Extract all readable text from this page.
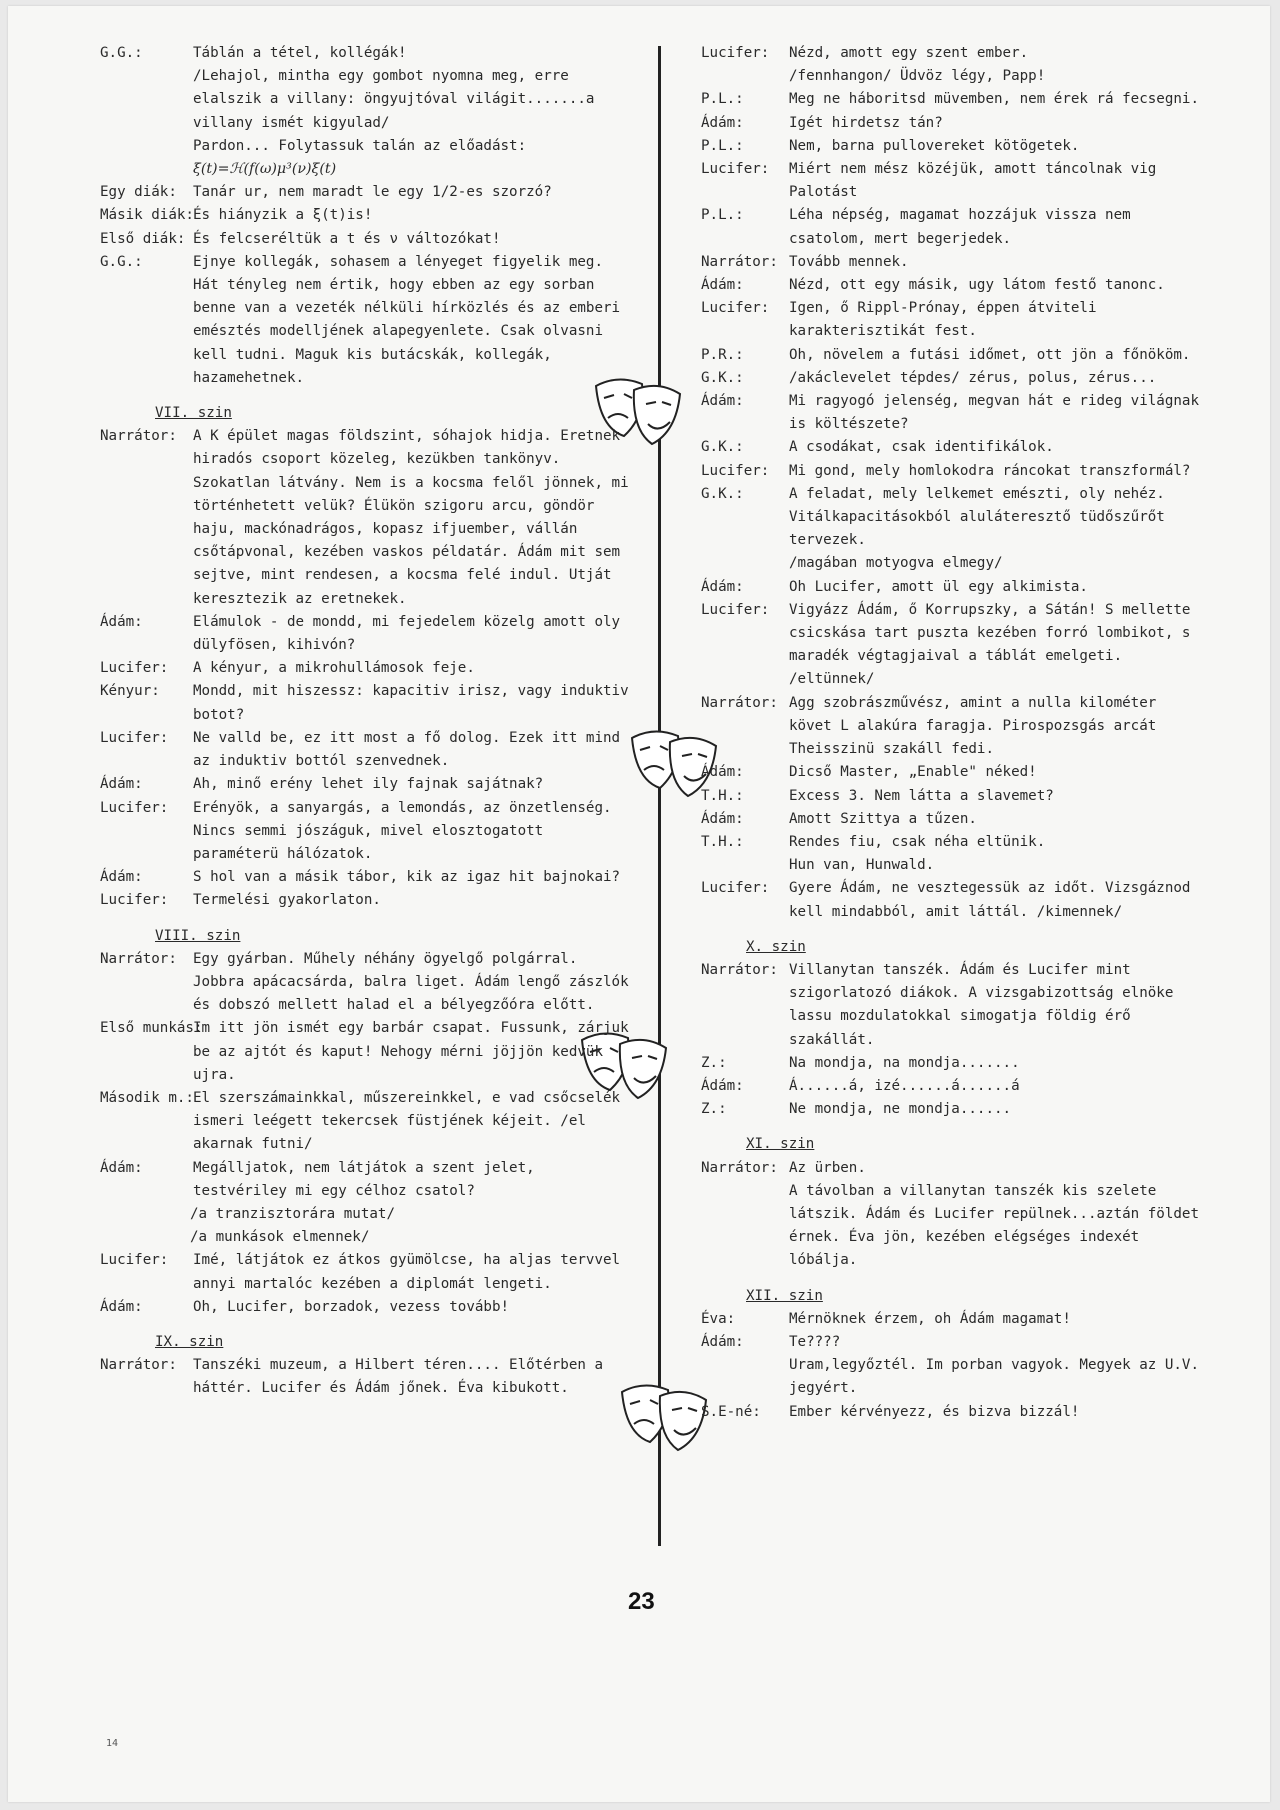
G.G.:	Táblán a tétel, kollégák!
/Lehajol, mintha egy gombot nyomna meg, erre elalszik a villany: öngyujtóval világit.......a villany ismét kigyulad/
Pardon... Folytassuk talán az előadást:
ξ(t)=ℋ(f(ω)μ³(ν)ξ(t)
Egy diák:	Tanár ur, nem maradt le egy 1/2-es szorzó?
Másik diák: És hiányzik a ξ(t)is!
Első diák: És felcseréltük a t és ν változókat!
G.G.:	Ejnye kollegák, sohasem a lényeget figyelik meg. Hát tényleg nem értik, hogy ebben az egy sorban benne van a vezeték nélküli hírközlés és az emberi emésztés modelljének alapegyenlete. Csak olvasni kell tudni. Maguk kis butácskák, kollegák, hazamehetnek.
VII. szin
Narrátor:	A K épület magas földszint, sóhajok hidja. Eretnek hiradós csoport közeleg, kezükben tankönyv. Szokatlan látvány. Nem is a kocsma felől jönnek, mi történhetett velük? Élükön szigoru arcu, göndör haju, mackónadrágos, kopasz ifjuember, vállán csőtápvonal, kezében vaskos példatár. Ádám mit sem sejtve, mint rendesen, a kocsma felé indul. Utját keresztezik az eretnekek.
Ádám:	Elámulok - de mondd, mi fejedelem közelg amott oly dülyfösen, kihivón?
Lucifer:	A kényur, a mikrohullámosok feje.
Kényur:	Mondd, mit hiszessz: kapacitiv irisz, vagy induktiv botot?
Lucifer:	Ne valld be, ez itt most a fő dolog. Ezek itt mind az induktiv bottól szenvednek.
Ádám:	Ah, minő erény lehet ily fajnak sajátnak?
Lucifer:	Erényök, a sanyargás, a lemondás, az önzetlenség. Nincs semmi jószáguk, mivel elosztogatott paraméterü hálózatok.
Ádám:	S hol van a másik tábor, kik az igaz hit bajnokai?
Lucifer:	Termelési gyakorlaton.
VIII. szin
Narrátor:	Egy gyárban. Műhely néhány ögyelgő polgárral. Jobbra apácacsárda, balra liget. Ádám lengő zászlók és dobszó mellett halad el a bélyegzőóra előtt.
Első munkás:
Im itt jön ismét egy barbár csapat. Fussunk, zárjuk be az ajtót és kaput! Nehogy mérni jöjjön kedvük ujra.
Második m.: El szerszámainkkal, műszereinkkel, e vad csőcselék ismeri leégett tekercsek füstjének kéjeit. /el akarnak futni/
Ádám:	Megálljatok, nem látjátok a szent jelet, testvériley mi egy célhoz csatol?
/a tranzisztorára mutat/
/a munkások elmennek/
Lucifer:	Imé, látjátok ez átkos gyümölcse, ha aljas tervvel annyi martalóc kezében a diplomát lengeti.
Ádám:	Oh, Lucifer, borzadok, vezess tovább!
IX. szin
Narrátor:	Tanszéki muzeum, a Hilbert téren.... Előtérben a háttér. Lucifer és Ádám jőnek. Éva kibukott.
Lucifer:	Nézd, amott egy szent ember.
/fennhangon/ Üdvöz légy, Papp!
P.L.:	Meg ne háboritsd müvemben, nem érek rá fecsegni.
Ádám:	Igét hirdetsz tán?
P.L.:	Nem, barna pullovereket kötögetek.
Lucifer:	Miért nem mész közéjük, amott táncolnak vig Palotást
P.L.:	Léha népség, magamat hozzájuk vissza nem csatolom, mert begerjedek.
Narrátor: Tovább mennek.
Ádám:	Nézd, ott egy másik, ugy látom festő tanonc.
Lucifer:	Igen, ő Rippl-Prónay, éppen átviteli karakterisztikát fest.
P.R.:	Oh, növelem a futási időmet, ott jön a főnököm.
G.K.:	/akáclevelet tépdes/ zérus, polus, zérus...
Ádám:	Mi ragyogó jelenség, megvan hát e rideg világnak is költészete?
G.K.:	A csodákat, csak identifikálok.
Lucifer:	Mi gond, mely homlokodra ráncokat transzformál?
G.K.:	A feladat, mely lelkemet emészti, oly nehéz. Vitálkapacitásokból aluláteresztő tüdőszűrőt tervezek.
/magában motyogva elmegy/
Ádám:	Oh Lucifer, amott ül egy alkimista.
Lucifer:	Vigyázz Ádám, ő Korrupszky, a Sátán! S mellette csicskása tart puszta kezében forró lombikot, s maradék végtagjaival a táblát emelgeti.
/eltünnek/
Narrátor: Agg szobrászművész, amint a nulla kilométer követ L alakúra faragja. Pirospozsgás arcát Theisszinü szakáll fedi.
Ádám:	Dicső Master, „Enable" néked!
T.H.:	Excess 3. Nem látta a slavemet?
Ádám:	Amott Szittya a tűzen.
T.H.:	Rendes fiu, csak néha eltünik.
Hun van, Hunwald.
Lucifer:	Gyere Ádám, ne vesztegessük az időt. Vizsgáznod kell mindabból, amit láttál. /kimennek/
X. szin
Narrátor: Villanytan tanszék. Ádám és Lucifer mint szigorlatozó diákok. A vizsgabizottság elnöke lassu mozdulatokkal simogatja földig érő szakállát.
Z.:	Na mondja, na mondja.......
Ádám:	Á......á, izé......á......á
Z.:	Ne mondja, ne mondja......
XI. szin
Narrátor: Az ürben.
A távolban a villanytan tanszék kis szelete látszik. Ádám és Lucifer repülnek...aztán földet érnek. Éva jön, kezében elégséges indexét lóbálja.
XII. szin
Éva:	Mérnöknek érzem, oh Ádám magamat!
Ádám:	Te????
Uram,legyőztél. Im porban vagyok. Megyek az U.V. jegyért.
S.E-né:	Ember kérvényezz, és bizva bizzál!
23
14
